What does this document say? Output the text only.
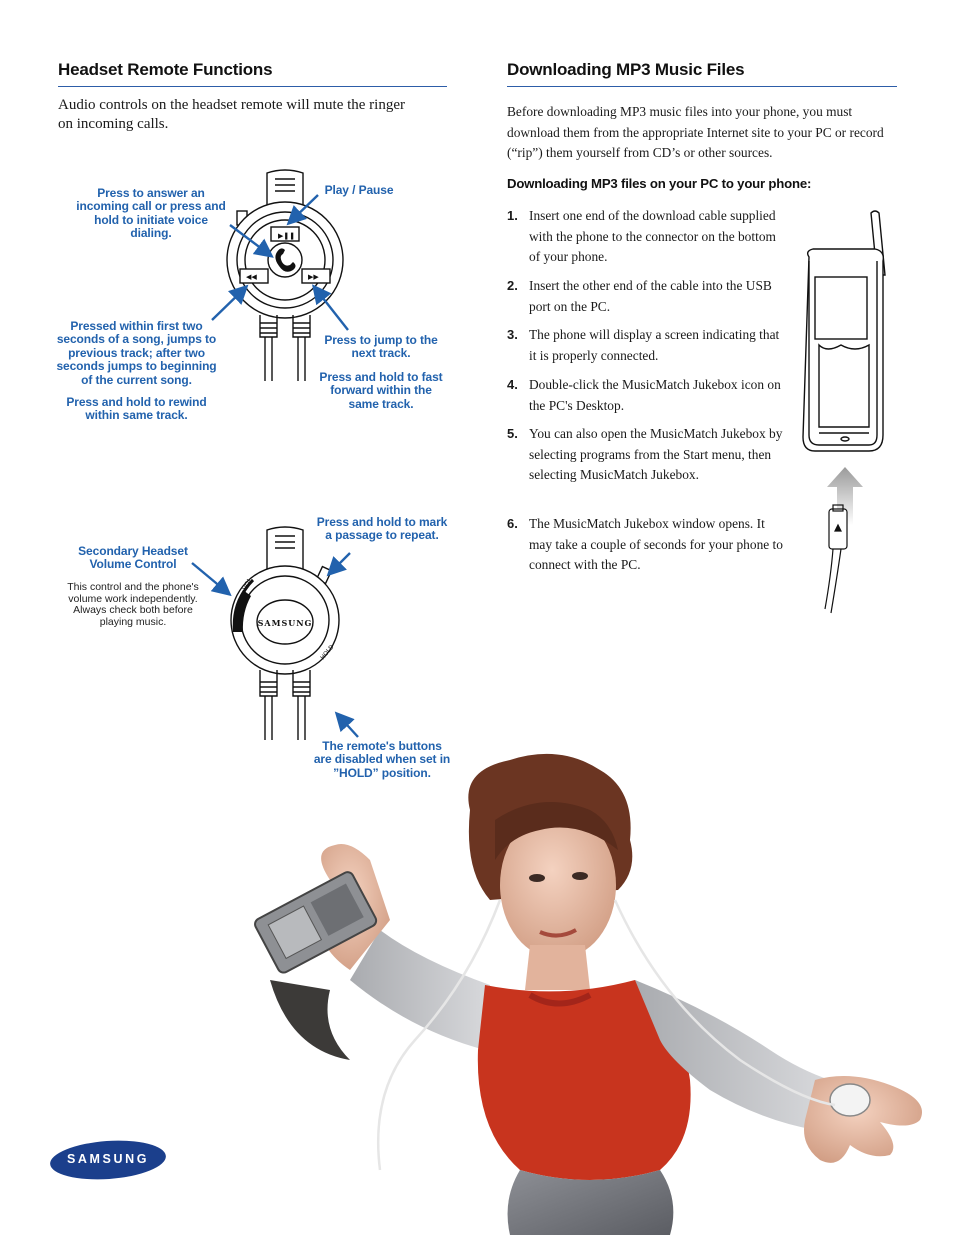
Headset Remote Functions
Audio controls on the headset remote will mute the ringer on incoming calls.
Press to answer an incoming call or press and hold to initiate voice dialing.
Play / Pause
Pressed within first two seconds of a song, jumps to previous track; after two seconds jumps to beginning of the current song.
Press and hold to rewind within same track.
Press to jump to the next track.
Press and hold to fast forward within the same track.
Press and hold to mark a passage to repeat.
Secondary Headset Volume Control
This control and the phone's volume work independently. Always check both before playing music.
The remote's buttons are disabled when set in ”HOLD” position.
▶❚❚
◀◀	▶▶
VOL
SAMSUNG
HOLD
Downloading MP3 Music Files
Before downloading MP3 music files into your phone, you must download them from the appropriate Internet site to your PC or record (“rip”) them yourself from CD’s or other sources.
Downloading MP3 files on your PC to your phone:
1. Insert one end of the download cable supplied with the phone to the connector on the bottom of your phone.
2. Insert the other end of the cable into the USB port on the PC.
3. The phone will display a screen indicating that it is properly connected.
4. Double-click the MusicMatch Jukebox icon on the PC's Desktop.
5. You can also open the MusicMatch Jukebox by selecting programs from the Start menu, then selecting MusicMatch Jukebox.
6. The MusicMatch Jukebox window opens. It may take a couple of seconds for your phone to connect with the PC.
SAMSUNG
